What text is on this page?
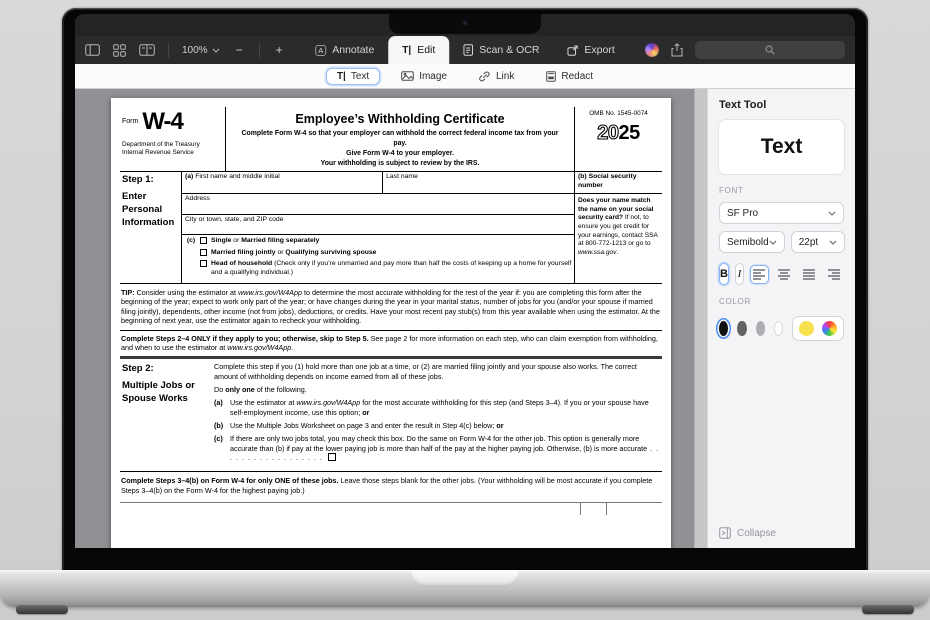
100% −	+	A Annotate	T| Edit	Scan & OCR	Export
T| Text	Image	Link	Redact
Form W-4
Department of the Treasury
Internal Revenue Service
Employee’s Withholding Certificate
Complete Form W-4 so that your employer can withhold the correct federal income tax from your pay.
Give Form W-4 to your employer.
Your withholding is subject to review by the IRS.
OMB No. 1545-0074
2025
Step 1:
Enter Personal Information
(a) First name and middle initial	Last name
Address
City or town, state, and ZIP code
(c)	Single or Married filing separately
Married filing jointly or Qualifying surviving spouse
Head of household (Check only if you’re unmarried and pay more than half the costs of keeping up a home for yourself and a qualifying individual.)
(b) Social security number
Does your name match the name on your social security card? If not, to ensure you get credit for your earnings, contact SSA at 800-772-1213 or go to www.ssa.gov.
TIP: Consider using the estimator at www.irs.gov/W4App to determine the most accurate withholding for the rest of the year if: you are completing this form after the beginning of the year; expect to work only part of the year; or have changes during the year in your marital status, number of jobs for you (and/or your spouse if married filing jointly), dependents, other income (not from jobs), deductions, or credits. Have your most recent pay stub(s) from this year available when using the estimator. At the beginning of next year, use the estimator again to recheck your withholding.
Complete Steps 2–4 ONLY if they apply to you; otherwise, skip to Step 5. See page 2 for more information on each step, who can claim exemption from withholding, and when to use the estimator at www.irs.gov/W4App.
Step 2:
Multiple Jobs or Spouse Works
Complete this step if you (1) hold more than one job at a time, or (2) are married filing jointly and your spouse also works. The correct amount of withholding depends on income earned from all of these jobs.
Do only one of the following.
(a)	Use the estimator at www.irs.gov/W4App for the most accurate withholding for this step (and Steps 3–4). If you or your spouse have self-employment income, use this option; or
(b) Use the Multiple Jobs Worksheet on page 3 and enter the result in Step 4(c) below; or
(c)	If there are only two jobs total, you may check this box. Do the same on Form W-4 for the other job. This option is generally more accurate than (b) if pay at the lower paying job is more than half of the pay at the higher paying job. Otherwise, (b) is more accurate . . . . . . . . . . . . . . . . . .
Complete Steps 3–4(b) on Form W-4 for only ONE of these jobs. Leave those steps blank for the other jobs. (Your withholding will be most accurate if you complete Steps 3–4(b) on the Form W-4 for the highest paying job.)
Text Tool
Text
FONT
SF Pro
Semibold	22pt
B I
COLOR
Collapse
